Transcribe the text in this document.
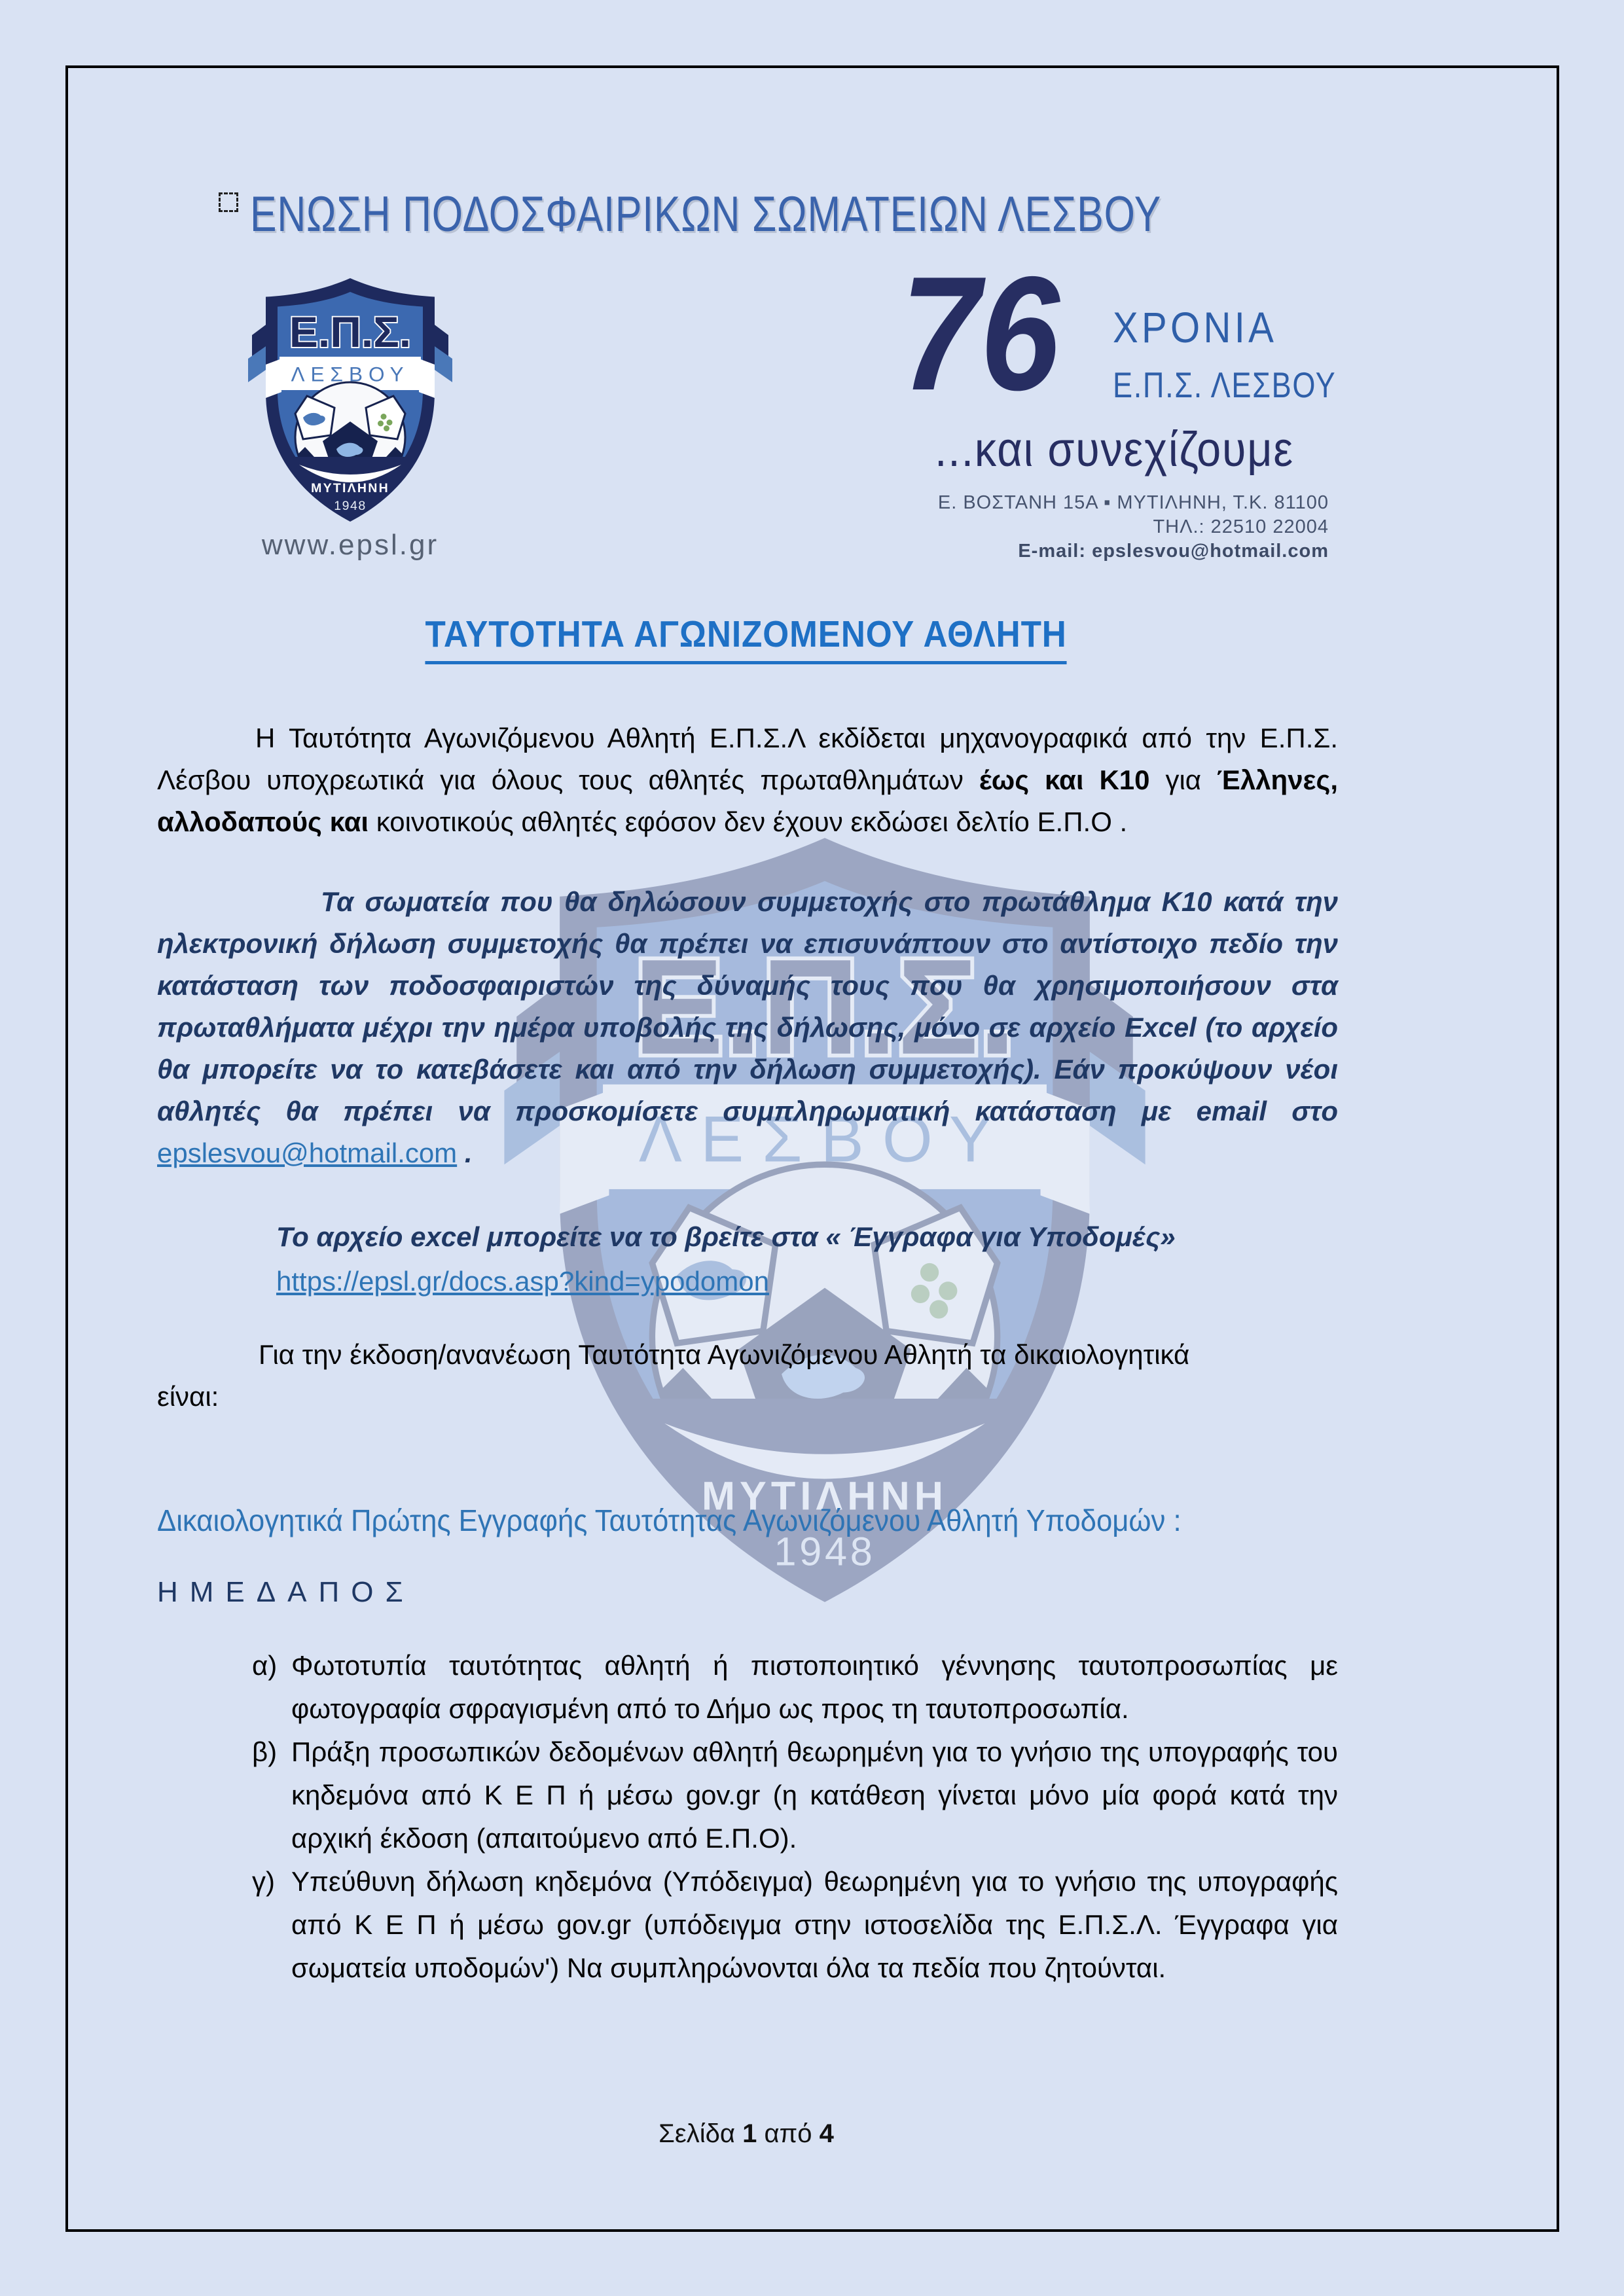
ΕΝΩΣΗ ΠΟΔΟΣΦΑΙΡΙΚΩΝ ΣΩΜΑΤΕΙΩΝ ΛΕΣΒΟΥ
www.epsl.gr
76 ΧΡΟΝΙΑ
Ε.Π.Σ. ΛΕΣΒΟΥ
...και συνεχίζουμε
Ε. ΒΟΣΤΑΝΗ 15Α ▪ ΜΥΤΙΛΗΝΗ, Τ.Κ. 81100
ΤΗΛ.: 22510 22004
E-mail: epslesvou@hotmail.com
ΤΑΥΤΟΤΗΤΑ ΑΓΩΝΙΖΟΜΕΝΟΥ ΑΘΛΗΤΗ

Η Ταυτότητα Αγωνιζόμενου Αθλητή Ε.Π.Σ.Λ εκδίδεται μηχανογραφικά από την Ε.Π.Σ. Λέσβου υποχρεωτικά για όλους τους αθλητές πρωταθλημάτων έως και Κ10 για Έλληνες, αλλοδαπούς και κοινοτικούς αθλητές εφόσον δεν έχουν εκδώσει δελτίο Ε.Π.Ο .

Τα σωματεία που θα δηλώσουν συμμετοχής στο πρωτάθλημα Κ10 κατά την ηλεκτρονική δήλωση συμμετοχής θα πρέπει να επισυνάπτουν στο αντίστοιχο πεδίο την κατάσταση των ποδοσφαιριστών της δύναμής τους που θα χρησιμοποιήσουν στα πρωταθλήματα μέχρι την ημέρα υποβολής της δήλωσης, μόνο σε αρχείο Excel (το αρχείο θα μπορείτε να το κατεβάσετε και από την δήλωση συμμετοχής). Εάν προκύψουν νέοι αθλητές θα πρέπει να προσκομίσετε συμπληρωματική κατάσταση με email στο epslesvou@hotmail.com .

Το αρχείο excel μπορείτε να το βρείτε στα « Έγγραφα για Υποδομές»
https://epsl.gr/docs.asp?kind=ypodomon

Για την έκδοση/ανανέωση Ταυτότητα Αγωνιζόμενου Αθλητή τα δικαιολογητικά
είναι:

Δικαιολογητικά Πρώτης Εγγραφής Ταυτότητας Αγωνιζόμενου Αθλητή Υποδομών :
ΗΜΕΔΑΠΟΣ
α) Φωτοτυπία ταυτότητας αθλητή ή πιστοποιητικό γέννησης ταυτοπροσωπίας με φωτογραφία σφραγισμένη από το Δήμο ως προς τη ταυτοπροσωπία.
β) Πράξη προσωπικών δεδομένων αθλητή θεωρημένη για το γνήσιο της υπογραφής του κηδεμόνα από Κ Ε Π ή μέσω gov.gr (η κατάθεση γίνεται μόνο μία φορά κατά την αρχική έκδοση (απαιτούμενο από Ε.Π.Ο).
γ) Υπεύθυνη δήλωση κηδεμόνα (Υπόδειγμα) θεωρημένη για το γνήσιο της υπογραφής από Κ Ε Π ή μέσω gov.gr (υπόδειγμα στην ιστοσελίδα της Ε.Π.Σ.Λ. Έγγραφα για σωματεία υποδομών') Να συμπληρώνονται όλα τα πεδία που ζητούνται.
Σελίδα 1 από 4
